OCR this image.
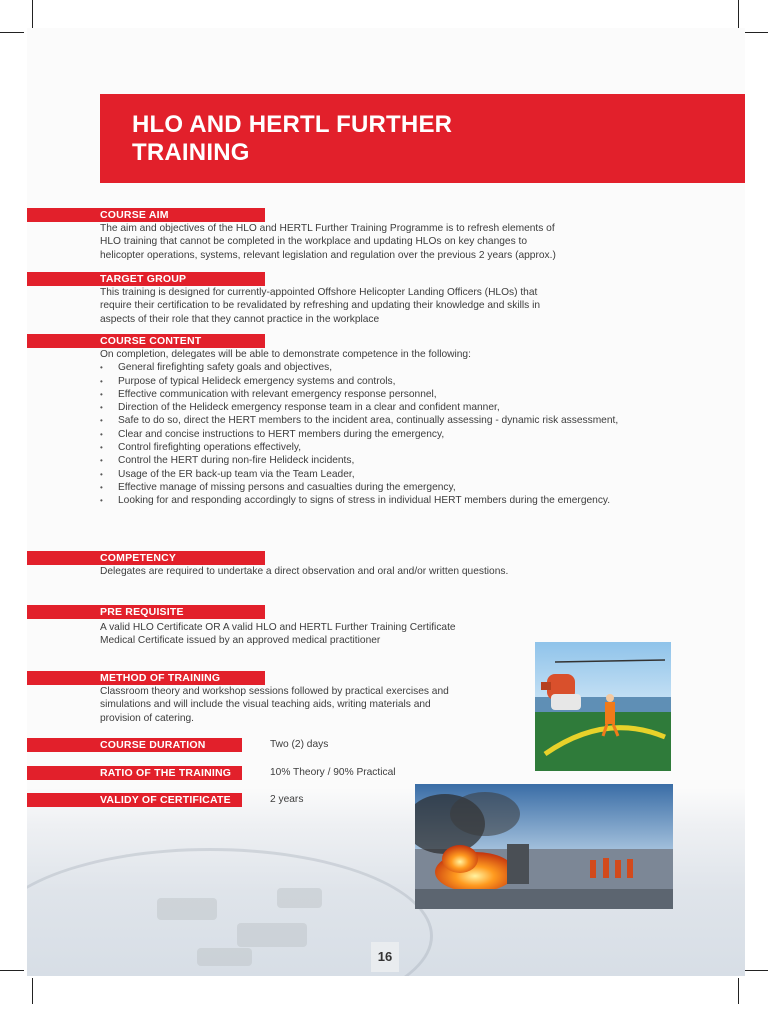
HLO AND HERTL FURTHER
TRAINING
COURSE AIM
The aim and objectives of the HLO and HERTL Further Training Programme is to refresh elements of
HLO training that cannot be completed in the workplace and updating HLOs on key changes to
helicopter operations, systems, relevant legislation and regulation over the previous 2 years (approx.)
TARGET GROUP
This training is designed for currently-appointed Offshore Helicopter Landing Officers (HLOs) that
require their certification to be revalidated by refreshing and updating their knowledge and skills in
aspects of their role that they cannot practice in the workplace
COURSE CONTENT
On completion, delegates will be able to demonstrate competence in the following:
• General firefighting safety goals and objectives,
• Purpose of typical Helideck emergency systems and controls,
• Effective communication with relevant emergency response personnel,
• Direction of the Helideck emergency response team in a clear and confident manner,
• Safe to do so, direct the HERT members to the incident area, continually assessing - dynamic risk assessment,
• Clear and concise instructions to HERT members during the emergency,
• Control firefighting operations effectively,
• Control the HERT during non-fire Helideck incidents,
• Usage of the ER back-up team via the Team Leader,
• Effective manage of missing persons and casualties during the emergency,
• Looking for and responding accordingly to signs of stress in individual HERT members during the emergency.
COMPETENCY
Delegates are required to undertake a direct observation and oral and/or written questions.
PRE REQUISITE
A valid HLO Certificate OR A valid HLO and HERTL Further Training Certificate
Medical Certificate issued by an approved medical practitioner
METHOD OF TRAINING
Classroom theory and workshop sessions followed by practical exercises and
simulations and will include the visual teaching aids, writing materials and
provision of catering.
COURSE DURATION	Two (2) days
RATIO OF THE TRAINING	10% Theory / 90% Practical
VALIDY OF CERTIFICATE	2 years
16
